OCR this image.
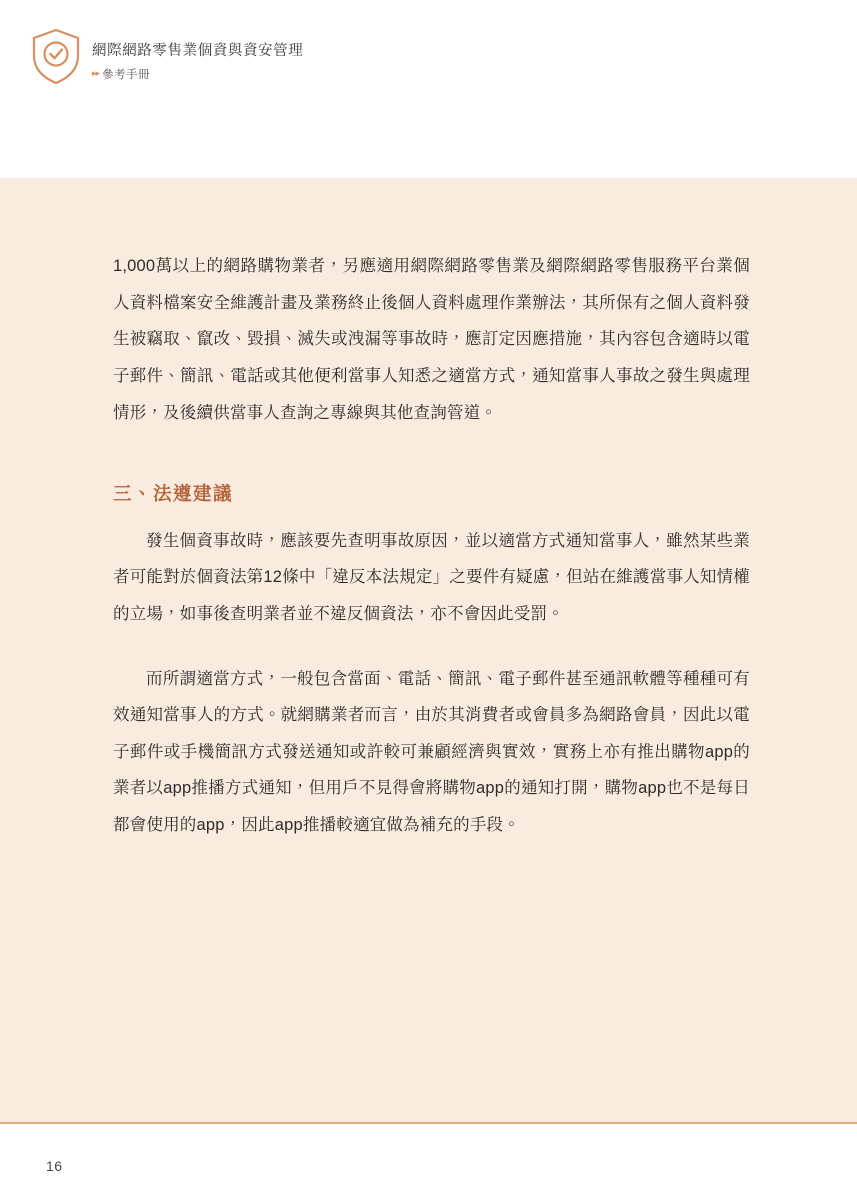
網際網路零售業個資與資安管理
▸▸ 參考手冊

1,000萬以上的網路購物業者，另應適用網際網路零售業及網際網路零售服務平台業個人資料檔案安全維護計畫及業務終止後個人資料處理作業辦法，其所保有之個人資料發生被竊取、竄改、毀損、滅失或洩漏等事故時，應訂定因應措施，其內容包含適時以電子郵件、簡訊、電話或其他便利當事人知悉之適當方式，通知當事人事故之發生與處理情形，及後續供當事人查詢之專線與其他查詢管道。

三、法遵建議

發生個資事故時，應該要先查明事故原因，並以適當方式通知當事人，雖然某些業者可能對於個資法第12條中「違反本法規定」之要件有疑慮，但站在維護當事人知情權的立場，如事後查明業者並不違反個資法，亦不會因此受罰。

而所謂適當方式，一般包含當面、電話、簡訊、電子郵件甚至通訊軟體等種種可有效通知當事人的方式。就網購業者而言，由於其消費者或會員多為網路會員，因此以電子郵件或手機簡訊方式發送通知或許較可兼顧經濟與實效，實務上亦有推出購物app的業者以app推播方式通知，但用戶不見得會將購物app的通知打開，購物app也不是每日都會使用的app，因此app推播較適宜做為補充的手段。

16
